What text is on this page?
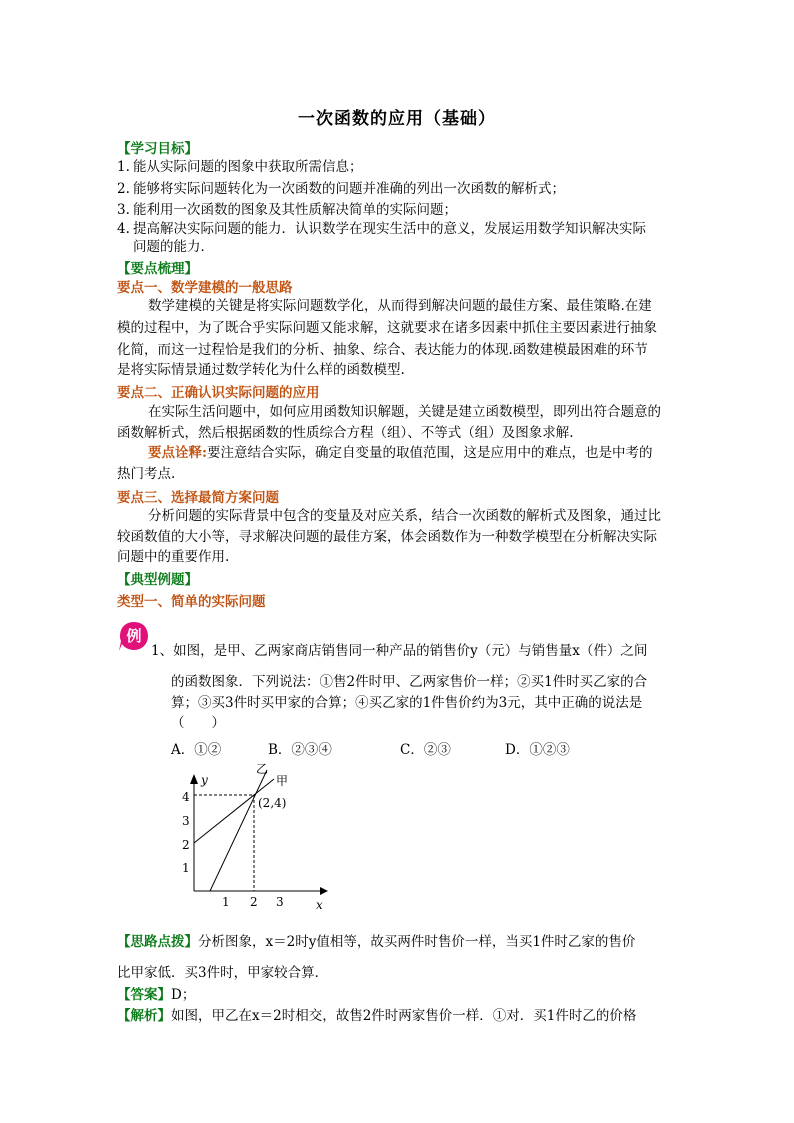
一次函数的应用（基础）
【学习目标】
1. 能从实际问题的图象中获取所需信息；
2. 能够将实际问题转化为一次函数的问题并准确的列出一次函数的解析式；
3. 能利用一次函数的图象及其性质解决简单的实际问题；
4. 提高解决实际问题的能力．认识数学在现实生活中的意义，发展运用数学知识解决实际
问题的能力．
【要点梳理】
要点一、数学建模的一般思路
数学建模的关键是将实际问题数学化，从而得到解决问题的最佳方案、最佳策略.在建
模的过程中，为了既合乎实际问题又能求解，这就要求在诸多因素中抓住主要因素进行抽象
化简，而这一过程恰是我们的分析、抽象、综合、表达能力的体现.函数建模最困难的环节
是将实际情景通过数学转化为什么样的函数模型.
要点二、正确认识实际问题的应用
在实际生活问题中，如何应用函数知识解题，关键是建立函数模型，即列出符合题意的
函数解析式，然后根据函数的性质综合方程（组）、不等式（组）及图象求解.
要点诠释:要注意结合实际，确定自变量的取值范围，这是应用中的难点，也是中考的
热门考点.
要点三、选择最简方案问题
分析问题的实际背景中包含的变量及对应关系，结合一次函数的解析式及图象，通过比
较函数值的大小等，寻求解决问题的最佳方案，体会函数作为一种数学模型在分析解决实际
问题中的重要作用.
【典型例题】
类型一、简单的实际问题
例
1、如图，是甲、乙两家商店销售同一种产品的销售价y（元）与销售量x（件）之间
的函数图象．下列说法：①售2件时甲、乙两家售价一样；②买1件时买乙家的合
算；③买3件时买甲家的合算；④买乙家的1件售价约为3元，其中正确的说法是
（　　）
A．①②	B．②③④	C．②③	D．①②③
y
x
1
2
3
4
1 2 3
乙
甲
(2,4)
【思路点拨】分析图象，x＝2时y值相等，故买两件时售价一样，当买1件时乙家的售价
比甲家低．买3件时，甲家较合算．
【答案】D；
【解析】如图，甲乙在x＝2时相交，故售2件时两家售价一样．①对．买1件时乙的价格
